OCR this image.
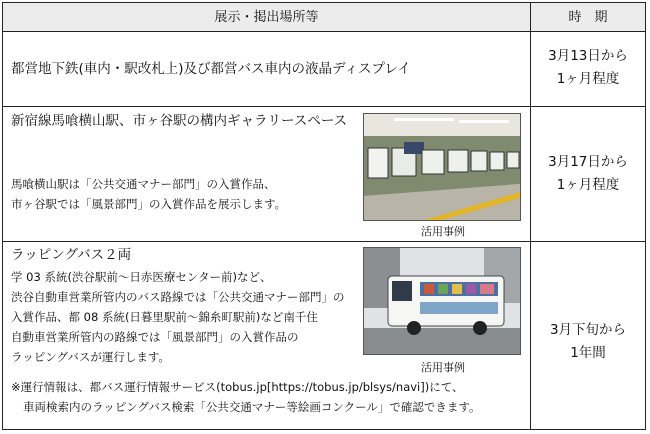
展示・掲出場所等	時　期
都営地下鉄(車内・駅改札上)及び都営バス車内の液晶ディスプレイ
3月13日から
1ヶ月程度
新宿線馬喰横山駅、市ヶ谷駅の構内ギャラリースペース
馬喰横山駅は「公共交通マナー部門」の入賞作品、
市ヶ谷駅では「風景部門」の入賞作品を展示します。
活用事例
3月17日から
1ヶ月程度
ラッピングバス２両
学 03 系統(渋谷駅前～日赤医療センター前)など、
渋谷自動車営業所管内のバス路線では「公共交通マナー部門」の
入賞作品、都 08 系統(日暮里駅前～錦糸町駅前)など南千住
自動車営業所管内の路線では「風景部門」の入賞作品の
ラッピングバスが運行します。
活用事例
※運行情報は、都バス運行情報サービス(tobus.jp[https://tobus.jp/blsys/navi])にて、
車両検索内のラッピングバス検索「公共交通マナー等絵画コンクール」で確認できます。
3月下旬から
1年間
